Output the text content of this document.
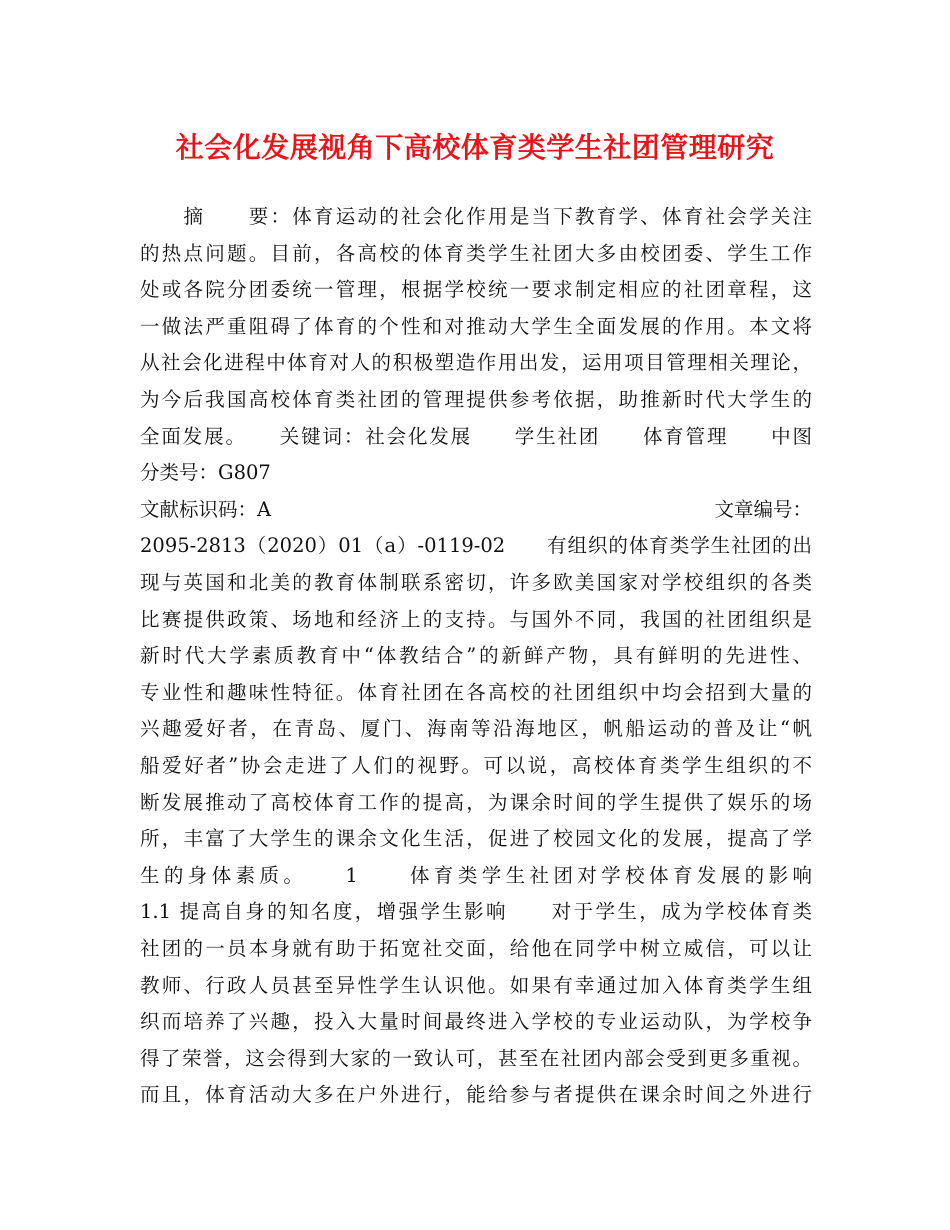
社会化发展视角下高校体育类学生社团管理研究
　　摘　　要：体育运动的社会化作用是当下教育学、体育社会学关注
的热点问题。目前，各高校的体育类学生社团大多由校团委、学生工作
处或各院分团委统一管理，根据学校统一要求制定相应的社团章程，这
一做法严重阻碍了体育的个性和对推动大学生全面发展的作用。本文将
从社会化进程中体育对人的积极塑造作用出发，运用项目管理相关理论，
为今后我国高校体育类社团的管理提供参考依据，助推新时代大学生的
全面发展。　　关键词：社会化发展　　学生社团　　体育管理　　中图
分类号：G807
文献标识码：A	文章编号：
2095-2813（2020）01（a）-0119-02　　有组织的体育类学生社团的出
现与英国和北美的教育体制联系密切，许多欧美国家对学校组织的各类
比赛提供政策、场地和经济上的支持。与国外不同，我国的社团组织是
新时代大学素质教育中“体教结合”的新鲜产物，具有鲜明的先进性、
专业性和趣味性特征。体育社团在各高校的社团组织中均会招到大量的
兴趣爱好者，在青岛、厦门、海南等沿海地区，帆船运动的普及让“帆
船爱好者”协会走进了人们的视野。可以说，高校体育类学生组织的不
断发展推动了高校体育工作的提高，为课余时间的学生提供了娱乐的场
所，丰富了大学生的课余文化生活，促进了校园文化的发展，提高了学
生的身体素质。　　1　　体育类学生社团对学校体育发展的影响
1.1 提高自身的知名度，增强学生影响　　对于学生，成为学校体育类
社团的一员本身就有助于拓宽社交面，给他在同学中树立威信，可以让
教师、行政人员甚至异性学生认识他。如果有幸通过加入体育类学生组
织而培养了兴趣，投入大量时间最终进入学校的专业运动队，为学校争
得了荣誉，这会得到大家的一致认可，甚至在社团内部会受到更多重视。
而且，体育活动大多在户外进行，能给参与者提供在课余时间之外进行
